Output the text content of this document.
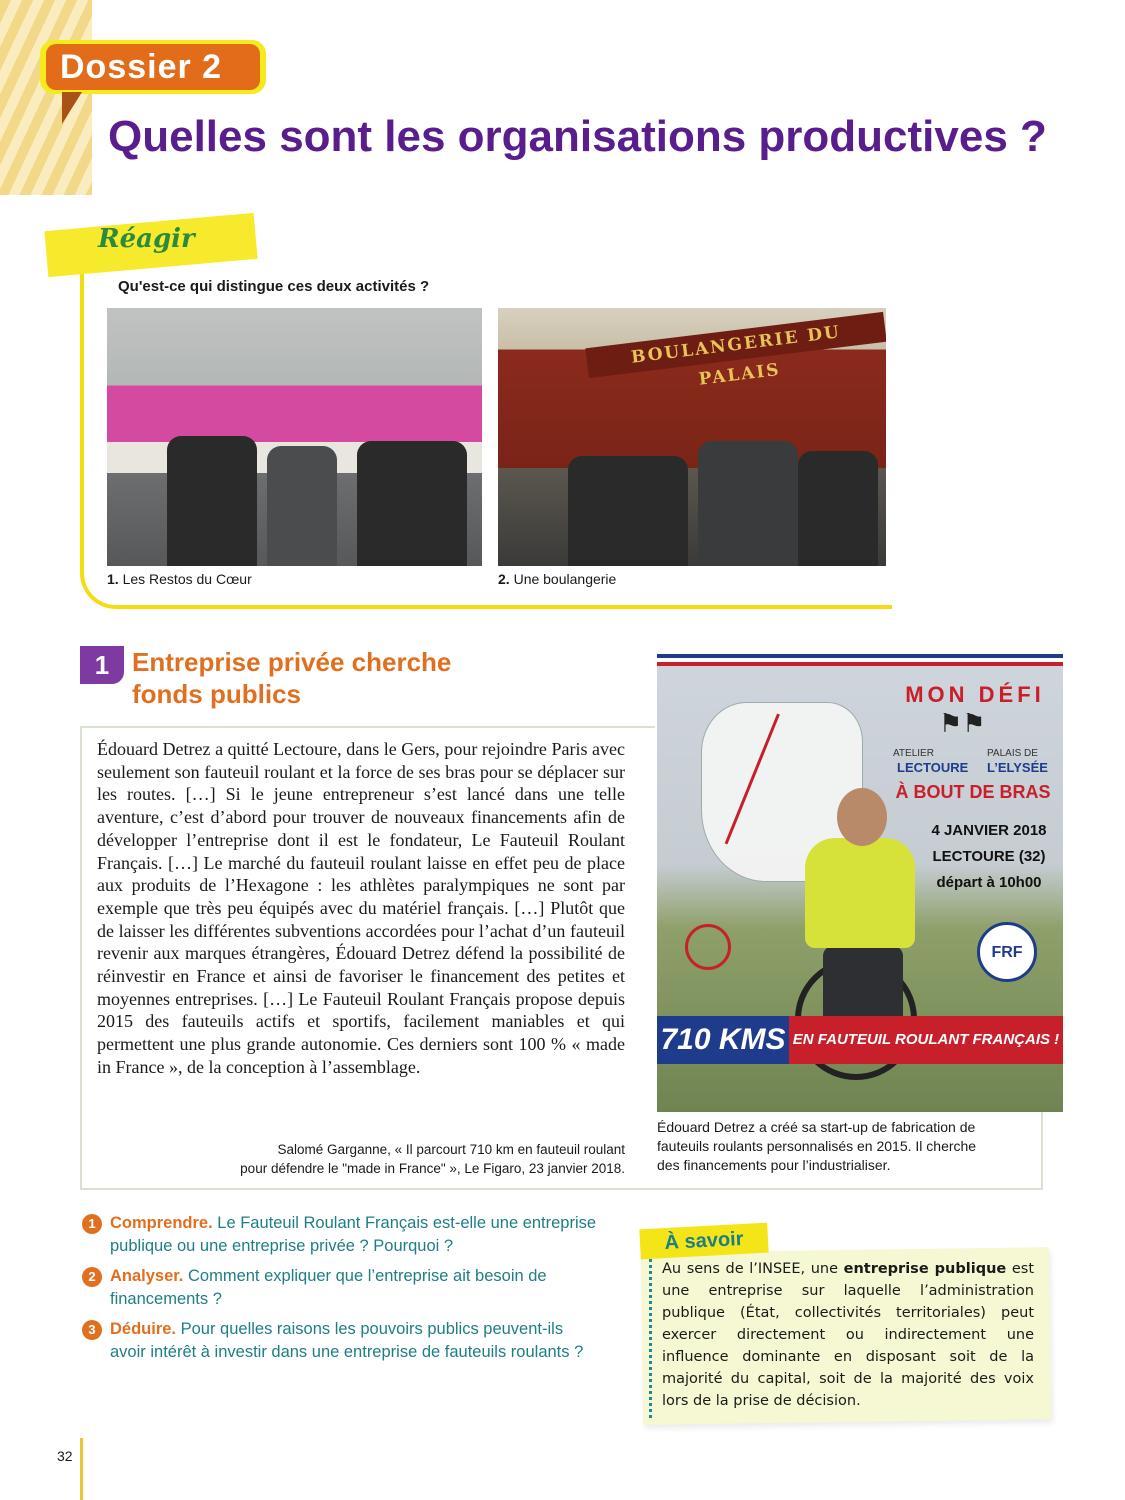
Dossier 2
Quelles sont les organisations productives ?
Réagir
Qu'est-ce qui distingue ces deux activités ?
1. Les Restos du Cœur
BOULANGERIE DU PALAIS
2. Une boulangerie
1 Entreprise privée cherche fonds publics
Édouard Detrez a quitté Lectoure, dans le Gers, pour rejoindre Paris avec seulement son fauteuil roulant et la force de ses bras pour se déplacer sur les routes. […] Si le jeune entrepreneur s’est lancé dans une telle aventure, c’est d’abord pour trouver de nouveaux financements afin de développer l’entreprise dont il est le fondateur, Le Fauteuil Roulant Français. […] Le marché du fauteuil roulant laisse en effet peu de place aux produits de l’Hexagone : les athlètes paralympiques ne sont par exemple que très peu équipés avec du matériel français. […] Plutôt que de laisser les différentes subventions accordées pour l’achat d’un fauteuil revenir aux marques étrangères, Édouard Detrez défend la possibilité de réinvestir en France et ainsi de favoriser le financement des petites et moyennes entreprises. […] Le Fauteuil Roulant Français propose depuis 2015 des fauteuils actifs et sportifs, facilement maniables et qui permettent une plus grande autonomie. Ces derniers sont 100 % « made in France », de la conception à l’assemblage.
Salomé Garganne, « Il parcourt 710 km en fauteuil roulant
pour défendre le "made in France" », Le Figaro, 23 janvier 2018.
MON DÉFI
⚑⚑
ATELIER
LECTOURE
PALAIS DE
L’ELYSÉE
À BOUT DE BRAS
4 JANVIER 2018
LECTOURE (32)
départ à 10h00
FRF
710 KMS EN FAUTEUIL ROULANT FRANÇAIS !
Édouard Detrez a créé sa start-up de fabrication de fauteuils roulants personnalisés en 2015. Il cherche des financements pour l’industrialiser.
1 Comprendre. Le Fauteuil Roulant Français est-elle une entreprise publique ou une entreprise privée ? Pourquoi ?
2 Analyser. Comment expliquer que l’entreprise ait besoin de financements ?
3 Déduire. Pour quelles raisons les pouvoirs publics peuvent-ils avoir intérêt à investir dans une entreprise de fauteuils roulants ?
À savoir
Au sens de l’INSEE, une entreprise publique est une entreprise sur laquelle l’administration publique (État, collectivités territoriales) peut exercer directement ou indirectement une influence dominante en disposant soit de la majorité du capital, soit de la majorité des voix lors de la prise de décision.
32
